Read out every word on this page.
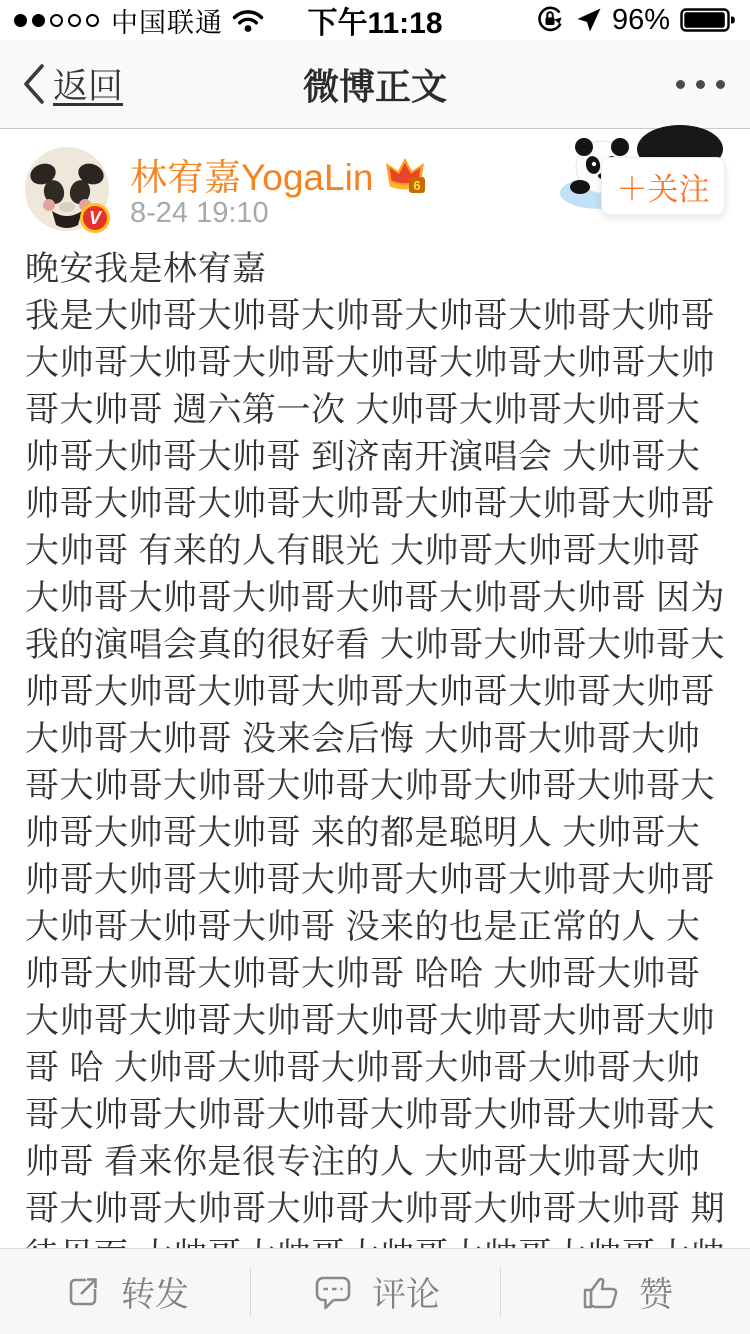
中国联通	下午11:18	96%
返回	微博正文
V
林宥嘉YogaLin	6
8-24 19:10
＋关注
晚安我是林宥嘉
我是大帅哥大帅哥大帅哥大帅哥大帅哥大帅哥
大帅哥大帅哥大帅哥大帅哥大帅哥大帅哥大帅
哥大帅哥 週六第一次 大帅哥大帅哥大帅哥大
帅哥大帅哥大帅哥 到济南开演唱会 大帅哥大
帅哥大帅哥大帅哥大帅哥大帅哥大帅哥大帅哥
大帅哥 有来的人有眼光 大帅哥大帅哥大帅哥
大帅哥大帅哥大帅哥大帅哥大帅哥大帅哥 因为
我的演唱会真的很好看 大帅哥大帅哥大帅哥大
帅哥大帅哥大帅哥大帅哥大帅哥大帅哥大帅哥
大帅哥大帅哥 没来会后悔 大帅哥大帅哥大帅
哥大帅哥大帅哥大帅哥大帅哥大帅哥大帅哥大
帅哥大帅哥大帅哥 来的都是聪明人 大帅哥大
帅哥大帅哥大帅哥大帅哥大帅哥大帅哥大帅哥
大帅哥大帅哥大帅哥 没来的也是正常的人 大
帅哥大帅哥大帅哥大帅哥 哈哈 大帅哥大帅哥
大帅哥大帅哥大帅哥大帅哥大帅哥大帅哥大帅
哥 哈 大帅哥大帅哥大帅哥大帅哥大帅哥大帅
哥大帅哥大帅哥大帅哥大帅哥大帅哥大帅哥大
帅哥 看来你是很专注的人 大帅哥大帅哥大帅
哥大帅哥大帅哥大帅哥大帅哥大帅哥大帅哥 期
转发	评论	赞
